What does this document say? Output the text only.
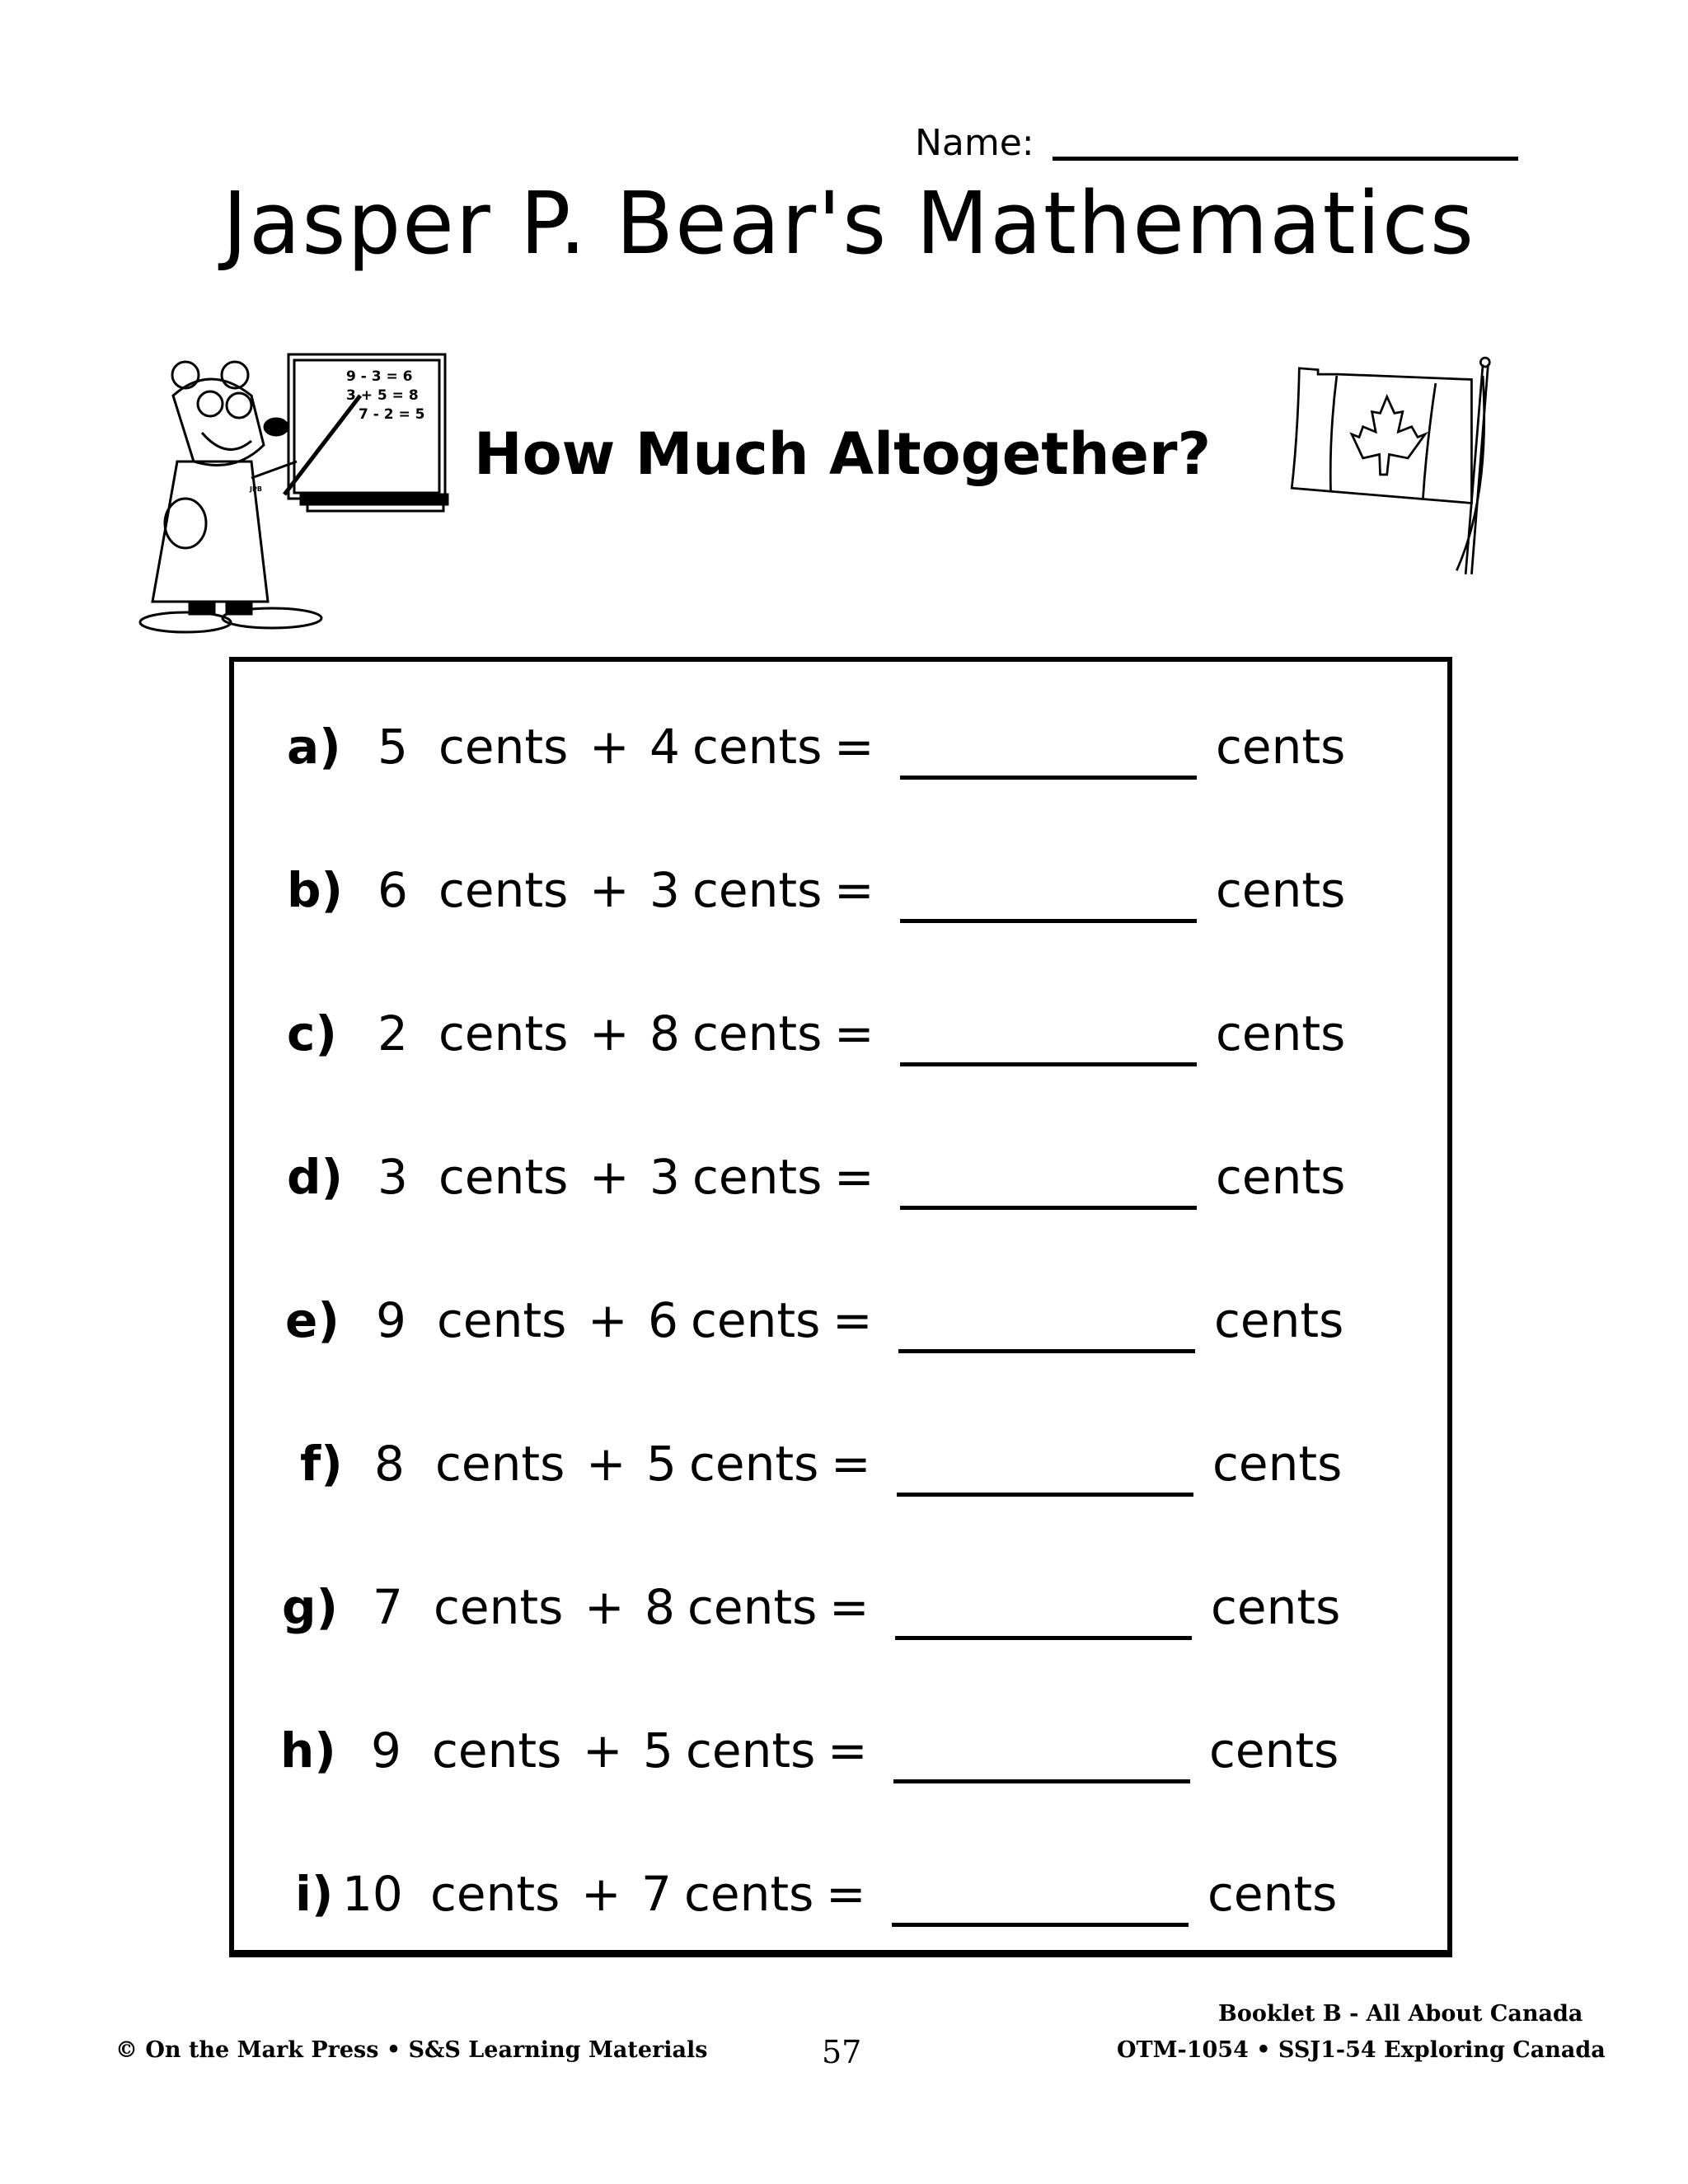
Name:
Jasper P. Bear's Mathematics
9 - 3 = 6
3 + 5 = 8
7 - 2 = 5
JPB
How Much Altogether?
a) 5 cents + 4 cents =	cents
b) 6 cents + 3 cents =	cents
c) 2 cents + 8 cents =	cents
d) 3 cents + 3 cents =	cents
e) 9 cents + 6 cents =	cents
f) 8 cents + 5 cents =	cents
g) 7 cents + 8 cents =	cents
h) 9 cents + 5 cents =	cents
i) 10 cents + 7 cents =	cents
© On the Mark Press • S&S Learning Materials	57
Booklet B - All About Canada
OTM-1054 • SSJ1-54 Exploring Canada
